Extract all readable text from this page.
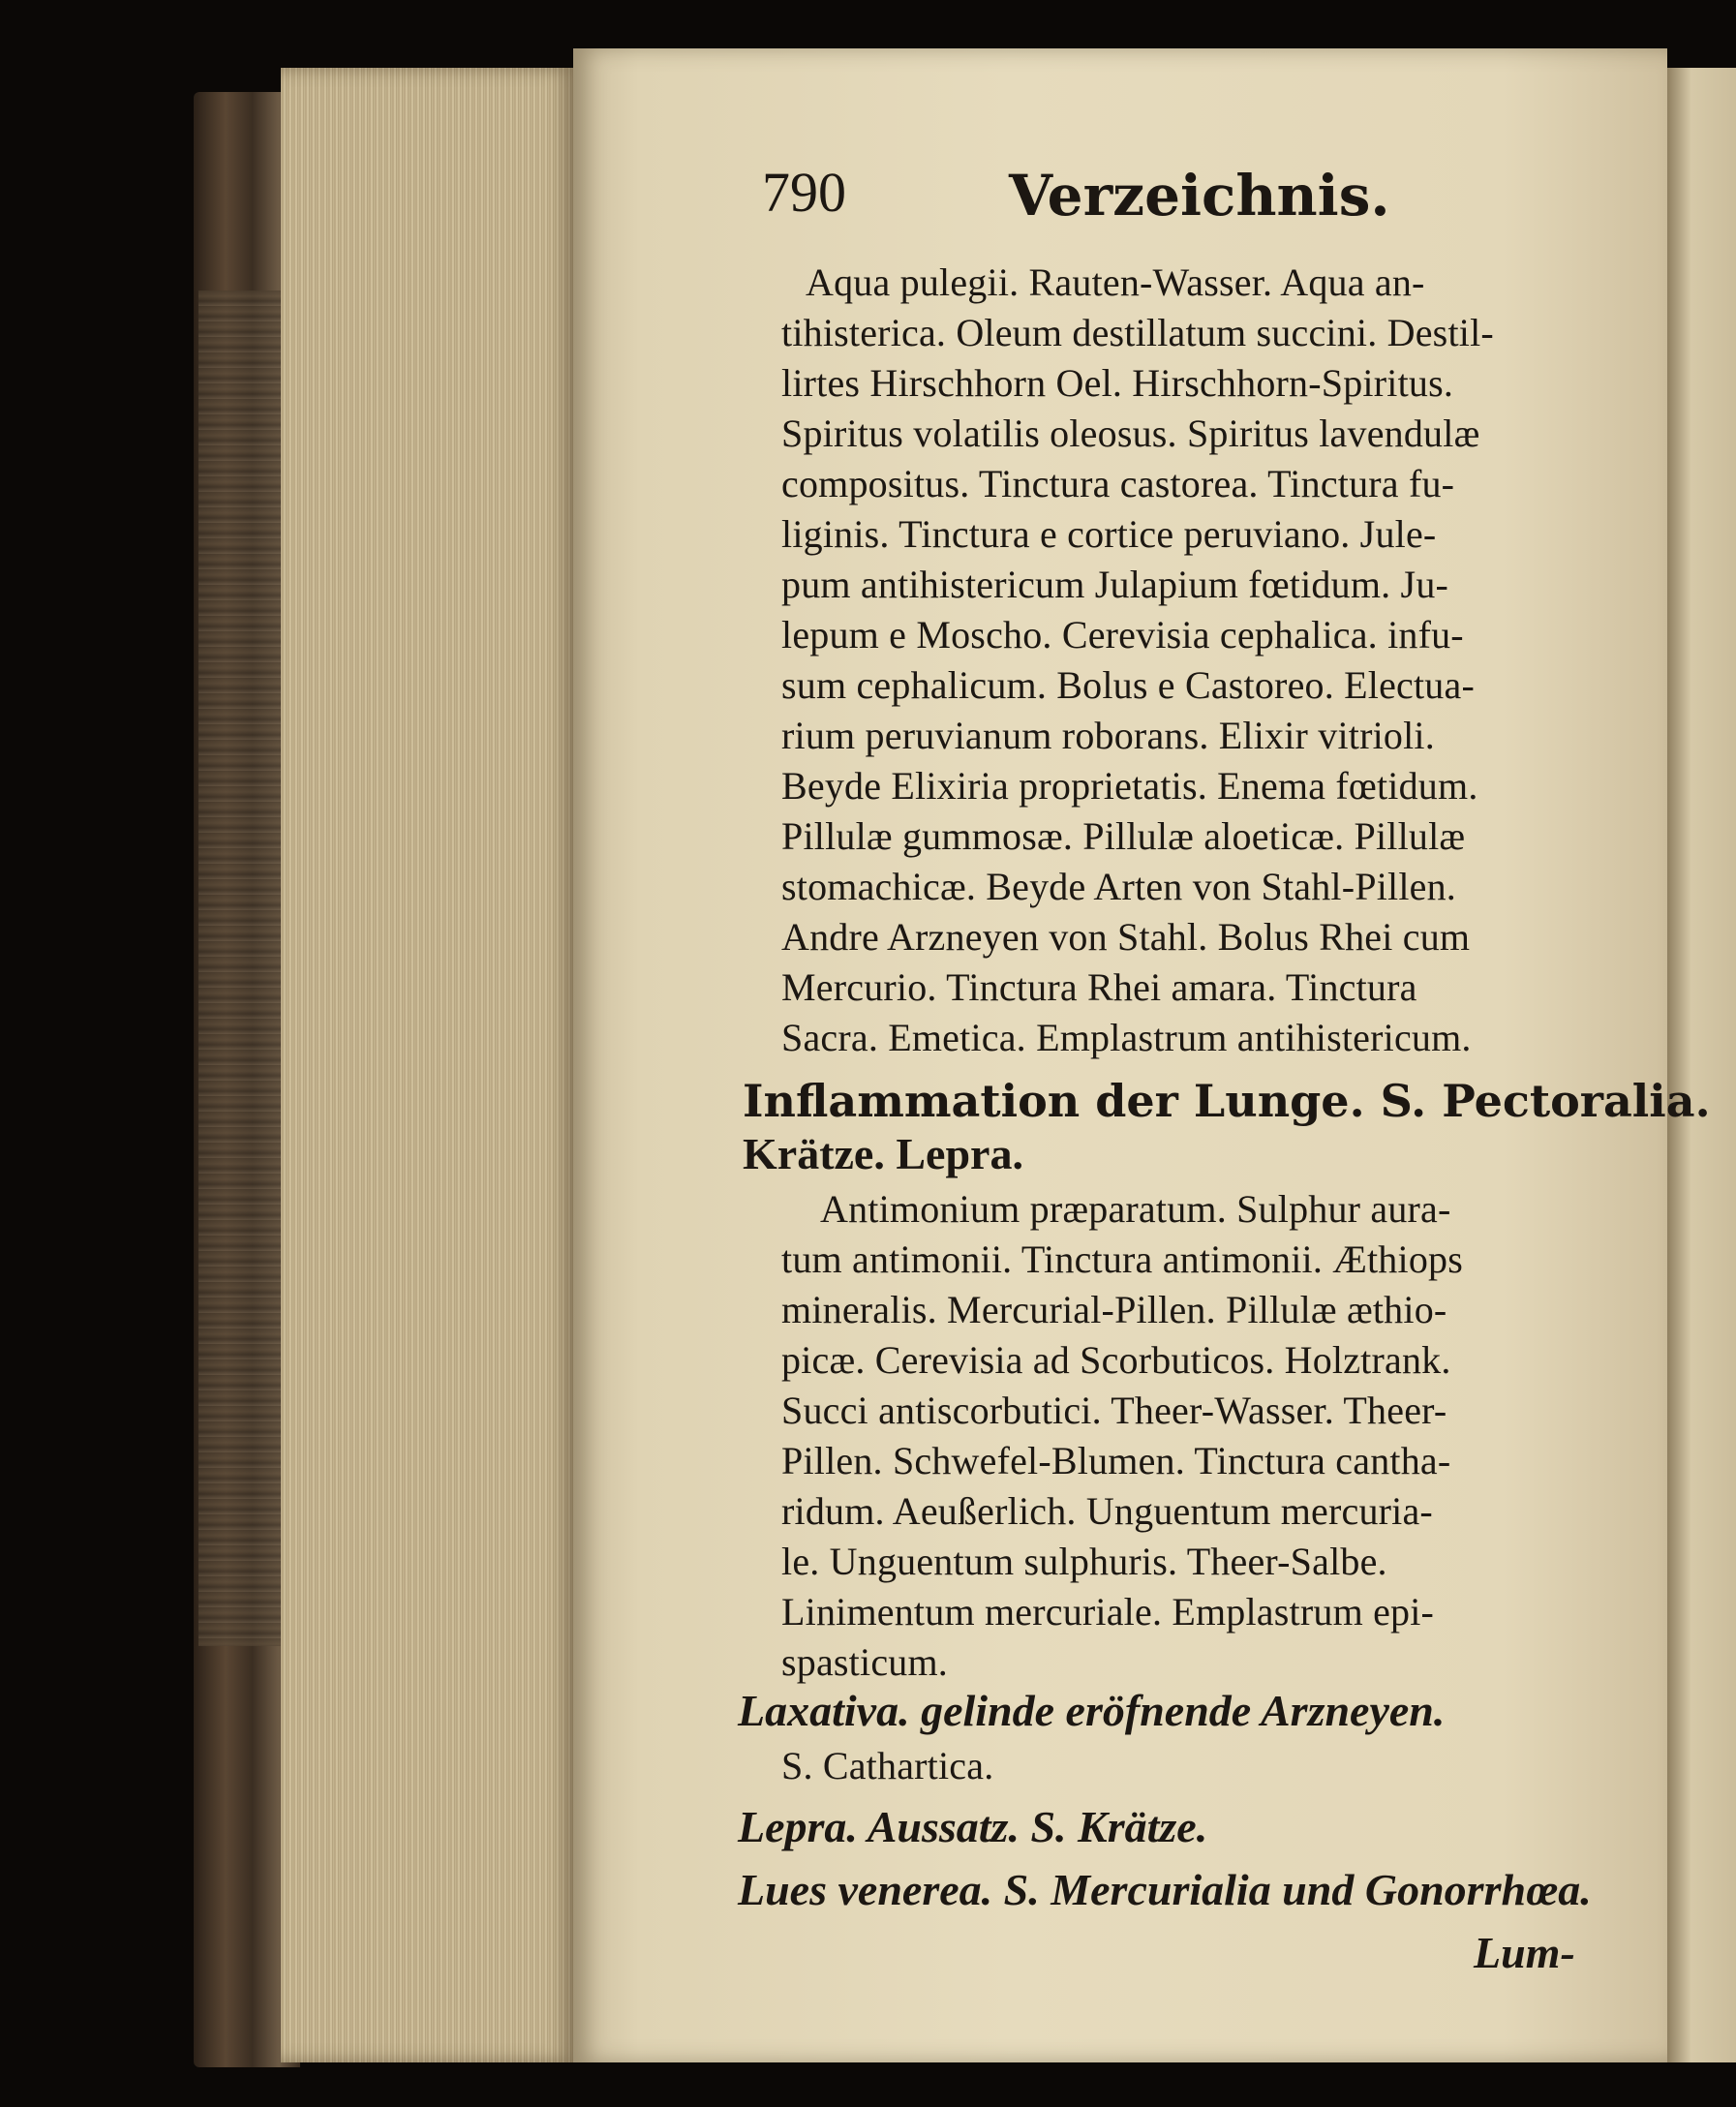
790	Verzeichnis.
Aqua pulegii. Rauten-Wasser. Aqua an-
tihisterica. Oleum destillatum succini. Destil-
lirtes Hirschhorn Oel. Hirschhorn-Spiritus.
Spiritus volatilis oleosus. Spiritus lavendulæ
compositus. Tinctura castorea. Tinctura fu-
liginis. Tinctura e cortice peruviano. Jule-
pum antihistericum Julapium fœtidum. Ju-
lepum e Moscho. Cerevisia cephalica. infu-
sum cephalicum. Bolus e Castoreo. Electua-
rium peruvianum roborans. Elixir vitrioli.
Beyde Elixiria proprietatis. Enema fœtidum.
Pillulæ gummosæ. Pillulæ aloeticæ. Pillulæ
stomachicæ. Beyde Arten von Stahl-Pillen.
Andre Arzneyen von Stahl. Bolus Rhei cum
Mercurio. Tinctura Rhei amara. Tinctura
Sacra. Emetica. Emplastrum antihistericum.
Inflammation der Lunge. S. Pectoralia.
Krätze. Lepra.
Antimonium præparatum. Sulphur aura-
tum antimonii. Tinctura antimonii. Æthiops
mineralis. Mercurial-Pillen. Pillulæ æthio-
picæ. Cerevisia ad Scorbuticos. Holztrank.
Succi antiscorbutici. Theer-Wasser. Theer-
Pillen. Schwefel-Blumen. Tinctura cantha-
ridum. Aeußerlich. Unguentum mercuria-
le. Unguentum sulphuris. Theer-Salbe.
Linimentum mercuriale. Emplastrum epi-
spasticum.
Laxativa. gelinde eröfnende Arzneyen.
S. Cathartica.
Lepra. Aussatz. S. Krätze.
Lues venerea. S. Mercurialia und Gonorrhœa.
Lum-
